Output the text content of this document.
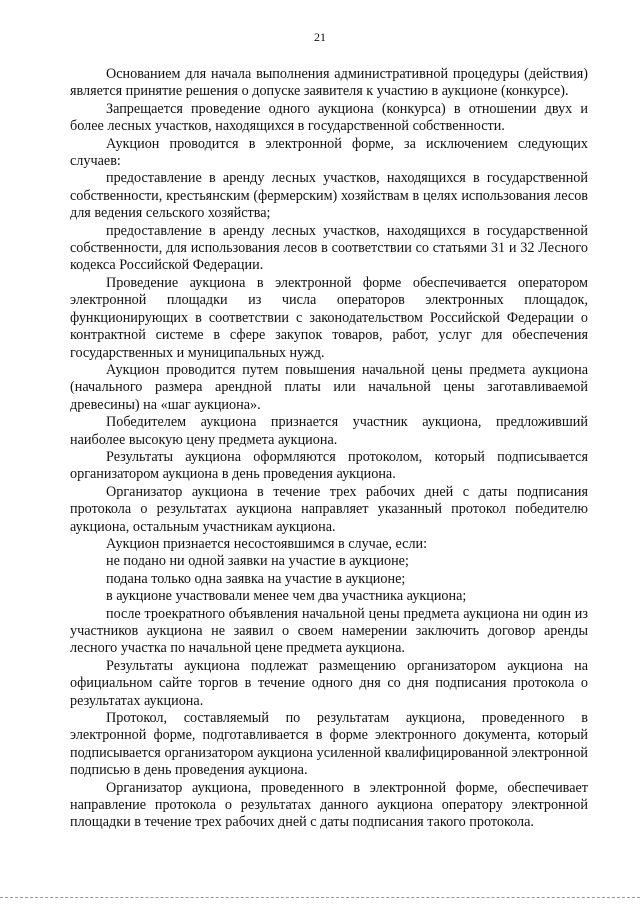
21

Основанием для начала выполнения административной процедуры (действия) является принятие решения о допуске заявителя к участию в аукционе (конкурсе).

Запрещается проведение одного аукциона (конкурса) в отношении двух и более лесных участков, находящихся в государственной собственности.

Аукцион проводится в электронной форме, за исключением следующих случаев:

предоставление в аренду лесных участков, находящихся в государственной собственности, крестьянским (фермерским) хозяйствам в целях использования лесов для ведения сельского хозяйства;

предоставление в аренду лесных участков, находящихся в государственной собственности, для использования лесов в соответствии со статьями 31 и 32 Лесного кодекса Российской Федерации.

Проведение аукциона в электронной форме обеспечивается оператором электронной площадки из числа операторов электронных площадок, функционирующих в соответствии с законодательством Российской Федерации о контрактной системе в сфере закупок товаров, работ, услуг для обеспечения государственных и муниципальных нужд.

Аукцион проводится путем повышения начальной цены предмета аукциона (начального размера арендной платы или начальной цены заготавливаемой древесины) на «шаг аукциона».

Победителем аукциона признается участник аукциона, предложивший наиболее высокую цену предмета аукциона.

Результаты аукциона оформляются протоколом, который подписывается организатором аукциона в день проведения аукциона.

Организатор аукциона в течение трех рабочих дней с даты подписания протокола о результатах аукциона направляет указанный протокол победителю аукциона, остальным участникам аукциона.

Аукцион признается несостоявшимся в случае, если:

не подано ни одной заявки на участие в аукционе;

подана только одна заявка на участие в аукционе;

в аукционе участвовали менее чем два участника аукциона;

после троекратного объявления начальной цены предмета аукциона ни один из участников аукциона не заявил о своем намерении заключить договор аренды лесного участка по начальной цене предмета аукциона.

Результаты аукциона подлежат размещению организатором аукциона на официальном сайте торгов в течение одного дня со дня подписания протокола о результатах аукциона.

Протокол, составляемый по результатам аукциона, проведенного в электронной форме, подготавливается в форме электронного документа, который подписывается организатором аукциона усиленной квалифицированной электронной подписью в день проведения аукциона.

Организатор аукциона, проведенного в электронной форме, обеспечивает направление протокола о результатах данного аукциона оператору электронной площадки в течение трех рабочих дней с даты подписания такого протокола.
